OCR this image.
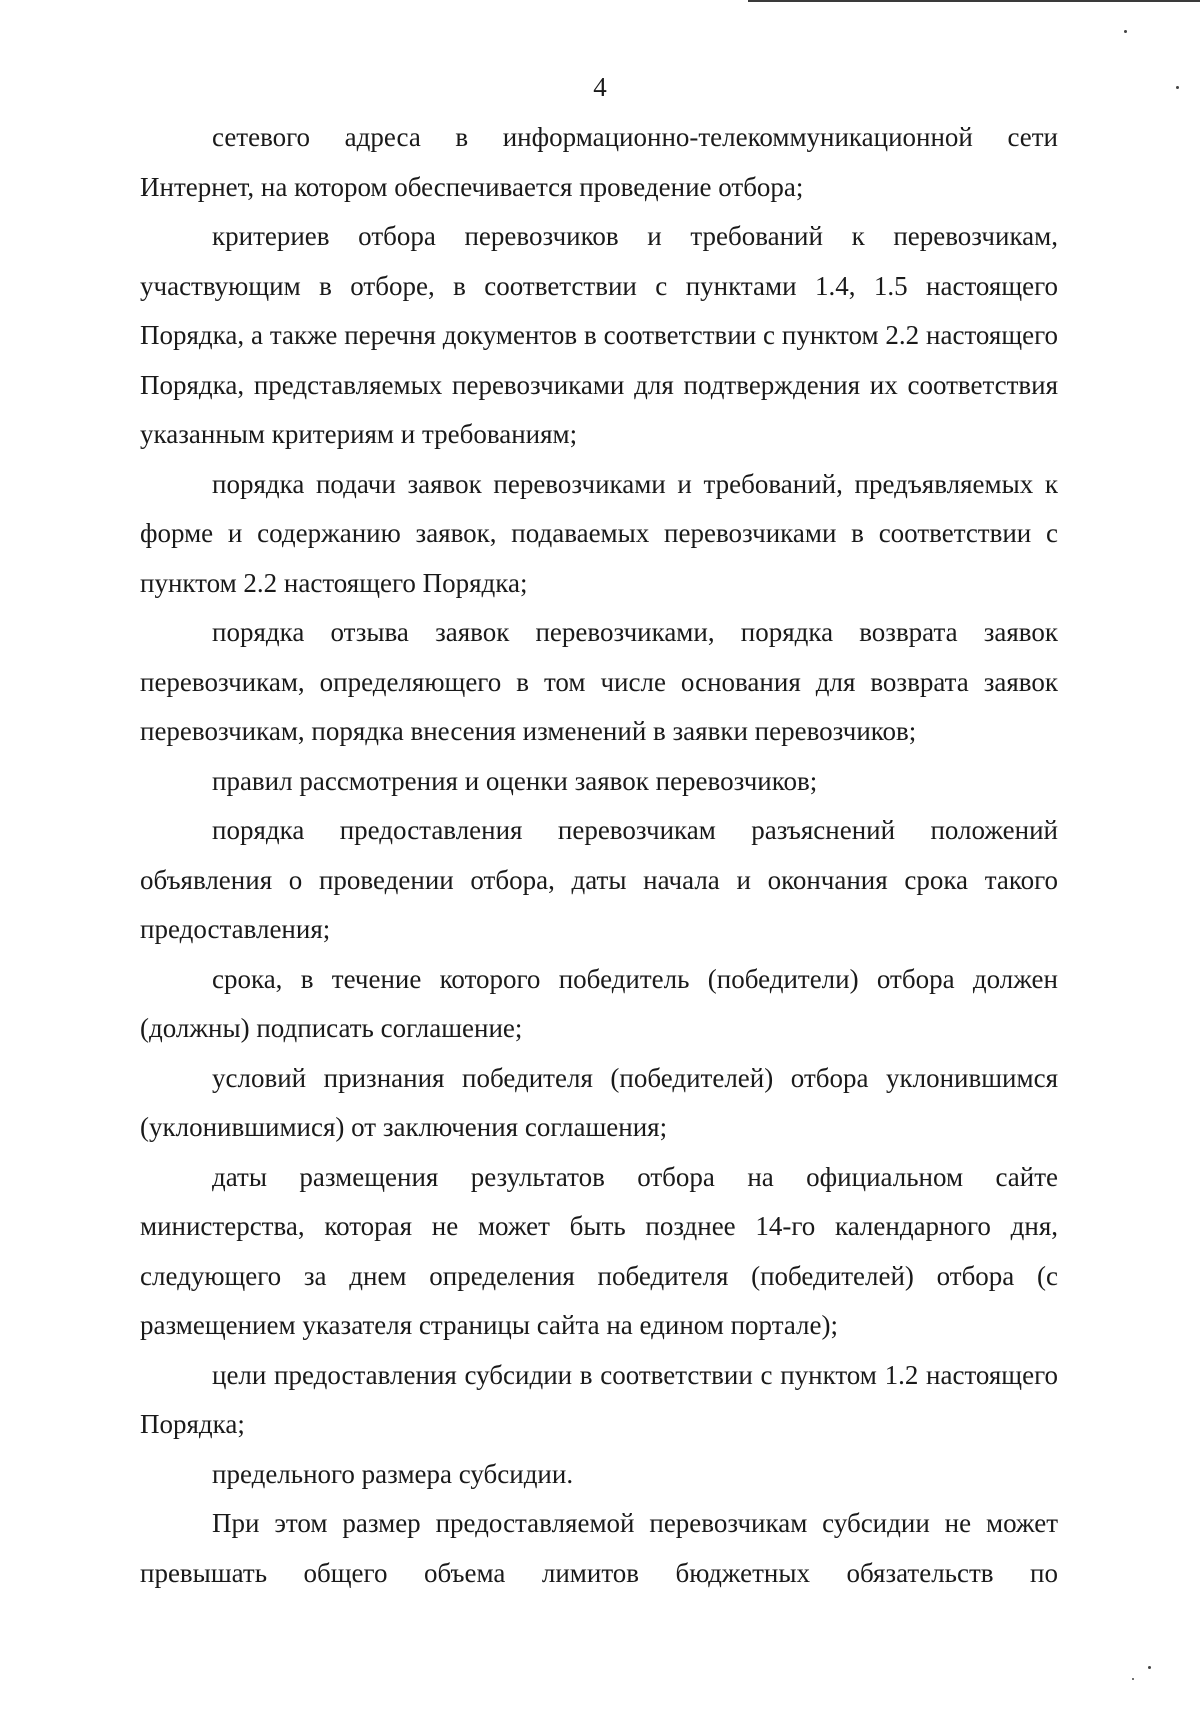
4

сетевого адреса в информационно-телекоммуникационной сети Интернет, на котором обеспечивается проведение отбора;

критериев отбора перевозчиков и требований к перевозчикам, участвующим в отборе, в соответствии с пунктами 1.4, 1.5 настоящего Порядка, а также перечня документов в соответствии с пунктом 2.2 настоящего Порядка, представляемых перевозчиками для подтверждения их соответствия указанным критериям и требованиям;

порядка подачи заявок перевозчиками и требований, предъявляемых к форме и содержанию заявок, подаваемых перевозчиками в соответствии с пунктом 2.2 настоящего Порядка;

порядка отзыва заявок перевозчиками, порядка возврата заявок перевозчикам, определяющего в том числе основания для возврата заявок перевозчикам, порядка внесения изменений в заявки перевозчиков;

правил рассмотрения и оценки заявок перевозчиков;

порядка предоставления перевозчикам разъяснений положений объявления о проведении отбора, даты начала и окончания срока такого предоставления;

срока, в течение которого победитель (победители) отбора должен (должны) подписать соглашение;

условий признания победителя (победителей) отбора уклонившимся (уклонившимися) от заключения соглашения;

даты размещения результатов отбора на официальном сайте министерства, которая не может быть позднее 14-го календарного дня, следующего за днем определения победителя (победителей) отбора (с размещением указателя страницы сайта на едином портале);

цели предоставления субсидии в соответствии с пунктом 1.2 настоящего Порядка;

предельного размера субсидии.

При этом размер предоставляемой перевозчикам субсидии не может превышать общего объема лимитов бюджетных обязательств по
